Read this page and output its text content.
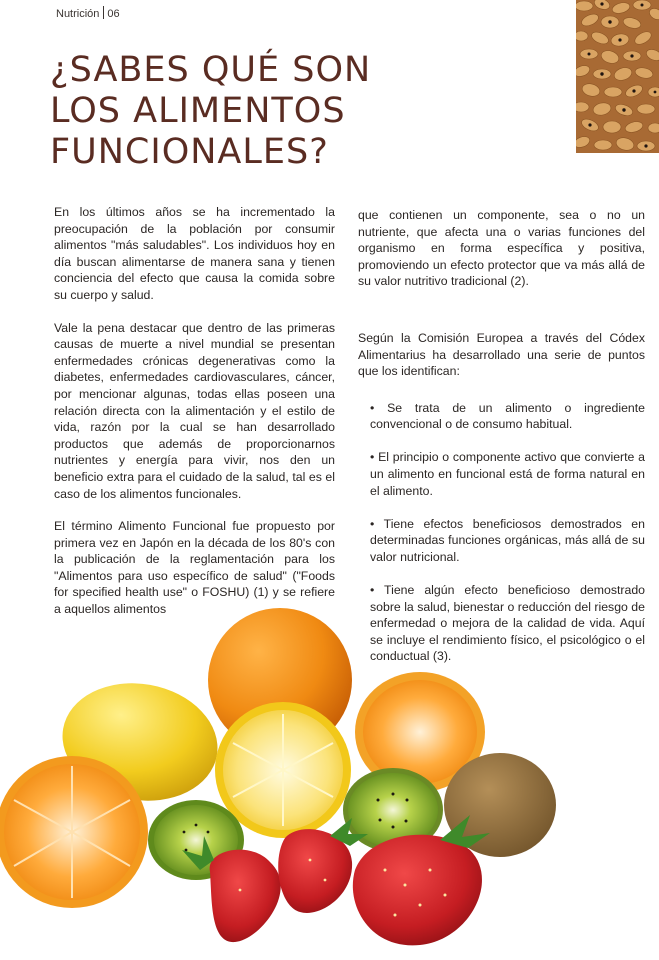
Nutrición 06
¿SABES QUÉ SON
LOS ALIMENTOS
FUNCIONALES?

En los últimos años se ha incrementado la preocupación de la población por consumir alimentos "más saludables". Los individuos hoy en día buscan alimentarse de manera sana y tienen conciencia del efecto que causa la comida sobre su cuerpo y salud.

Vale la pena destacar que dentro de las primeras causas de muerte a nivel mundial se presentan enfermedades crónicas degenerativas como la diabetes, enfermedades cardiovasculares, cáncer, por mencionar algunas, todas ellas poseen una relación directa con la alimentación y el estilo de vida, razón por la cual se han desarrollado productos que además de proporcionarnos nutrientes y energía para vivir, nos den un beneficio extra para el cuidado de la salud, tal es el caso de los alimentos funcionales.

El término Alimento Funcional fue propuesto por primera vez en Japón en la década de los 80's con la publicación de la reglamentación para los "Alimentos para uso específico de salud" ("Foods for specified health use" o FOSHU) (1) y se refiere a aquellos alimentos

que contienen un componente, sea o no un nutriente, que afecta una o varias funciones del organismo en forma específica y positiva, promoviendo un efecto protector que va más allá de su valor nutritivo tradicional (2).

Según la Comisión Europea a través del Códex Alimentarius ha desarrollado una serie de puntos que los identifican:

• Se trata de un alimento o ingrediente convencional o de consumo habitual.

• El principio o componente activo que convierte a un alimento en funcional está de forma natural en el alimento.

• Tiene efectos beneficiosos demostrados en determinadas funciones orgánicas, más allá de su valor nutricional.

• Tiene algún efecto beneficioso demostrado sobre la salud, bienestar o reducción del riesgo de enfermedad o mejora de la calidad de vida. Aquí se incluye el rendimiento físico, el psicológico o el conductual (3).
